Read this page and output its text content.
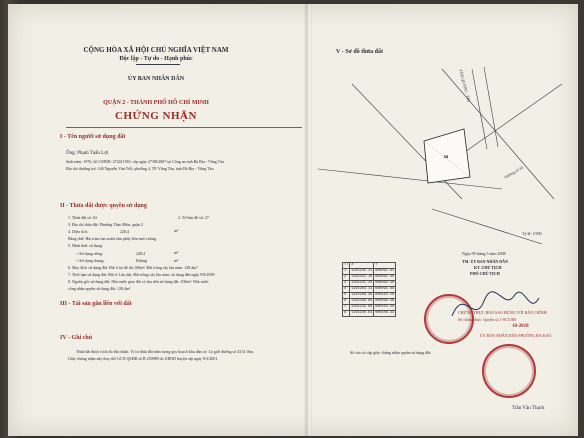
CỘNG HÒA XÃ HỘI CHỦ NGHĨA VIỆT NAM
Độc lập - Tự do - Hạnh phúc
ỦY BAN NHÂN DÂN
QUẬN 2 - THÀNH PHỐ HỒ CHÍ MINH
CHỨNG NHẬN
I - Tên người sử dụng đất
Ông: Phạm Tuấn Lợi
Sinh năm: 1976, Số CMND: 273411383, cấp ngày 27/08/2007 tại Công an tỉnh Bà Rịa - Vũng Tàu
Địa chỉ thường trú: 146 Nguyễn Văn Trỗi, phường 4, TP. Vũng Tàu, tỉnh Bà Rịa - Vũng Tàu
II - Thửa đất được quyền sử dụng
1. Thửa đất số: 63	2. Tờ bản đồ số: 27
3. Địa chỉ thửa đất: Phường Thảo Điền, quận 2
4. Diện tích:	228,4	m²
Bằng chữ: Hai trăm hai mươi tám phẩy bốn mét vuông.
5. Hình thức sử dụng:
+ Sử dụng riêng:	228,4	m²
+ Sử dụng chung:	Không	m²
6. Mục đích sử dụng đất: Đất ở tại đô thị 100m²; Đất trồng cây lâu năm: 128,4m²
7. Thời hạn sử dụng đất: Đất ở: Lâu dài; Đất trồng cây lâu năm: sử dụng đến ngày 9/8/2058
8. Nguồn gốc sử dụng đất: Nhà nước giao đất có thu tiền sử dụng đất: 100m²; Nhà nước
công nhận quyền sử dụng đất: 128,4m²
III - Tài sản gắn liền với đất
IV - Ghi chú
Thửa đất được trích đo địa chính. Vị trí thửa đất nằm trong quy hoạch khu dân cư. Lộ giới đường số 43 là 16m.
Giấy chứng nhận này thay thế GCN QSDĐ số B 250989 do UBND huyện cấp ngày 8/3/2001.
V - Sơ đồ thửa đất
TÂN QUANG - TRỊ
Đường số 43
63
TT	X	Y
1	1195245.11	606091.91
2	1195251.16	606081.60
3	1195241.25	606082.40
4	1195264.11	606091.69
5	1195266.39	606104.19
6	1195268.66	606098.46
7	1195232.66	606104.40
8	1195240.61	606108.33
Tỷ lệ: 1/500
Ngày 09 tháng 5 năm 2008
TM. ỦY BAN NHÂN DÂN
KT. CHỦ TỊCH
PHÓ CHỦ TỊCH
CHỨNG THỰC BẢN SAO ĐÚNG VỚI BẢN CHÍNH
Số chứng thực: Quyển số 1-SCT/BS
10-2018
ỦY BAN NHÂN DÂN PHƯỜNG ĐA KAO
Số vào sổ cấp giấy chứng nhận quyền sử dụng đất:
Trần Văn Thạch
